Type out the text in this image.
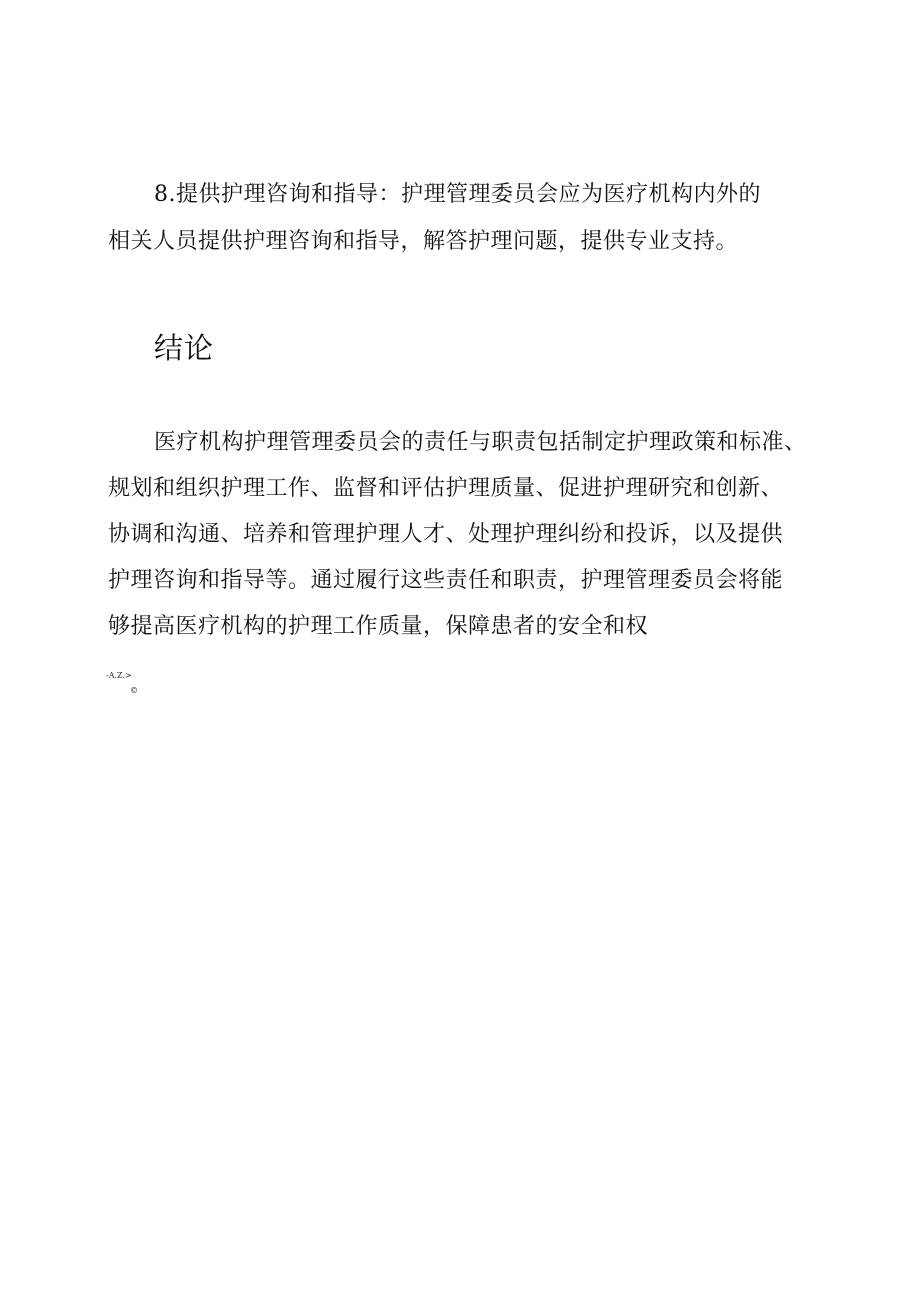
8.提供护理咨询和指导：护理管理委员会应为医疗机构内外的
相关人员提供护理咨询和指导，解答护理问题，提供专业支持。

结论

医疗机构护理管理委员会的责任与职责包括制定护理政策和标准、
规划和组织护理工作、监督和评估护理质量、促进护理研究和创新、
协调和沟通、培养和管理护理人才、处理护理纠纷和投诉，以及提供
护理咨询和指导等。通过履行这些责任和职责，护理管理委员会将能
够提高医疗机构的护理工作质量，保障患者的安全和权

-A.Z.>
©
